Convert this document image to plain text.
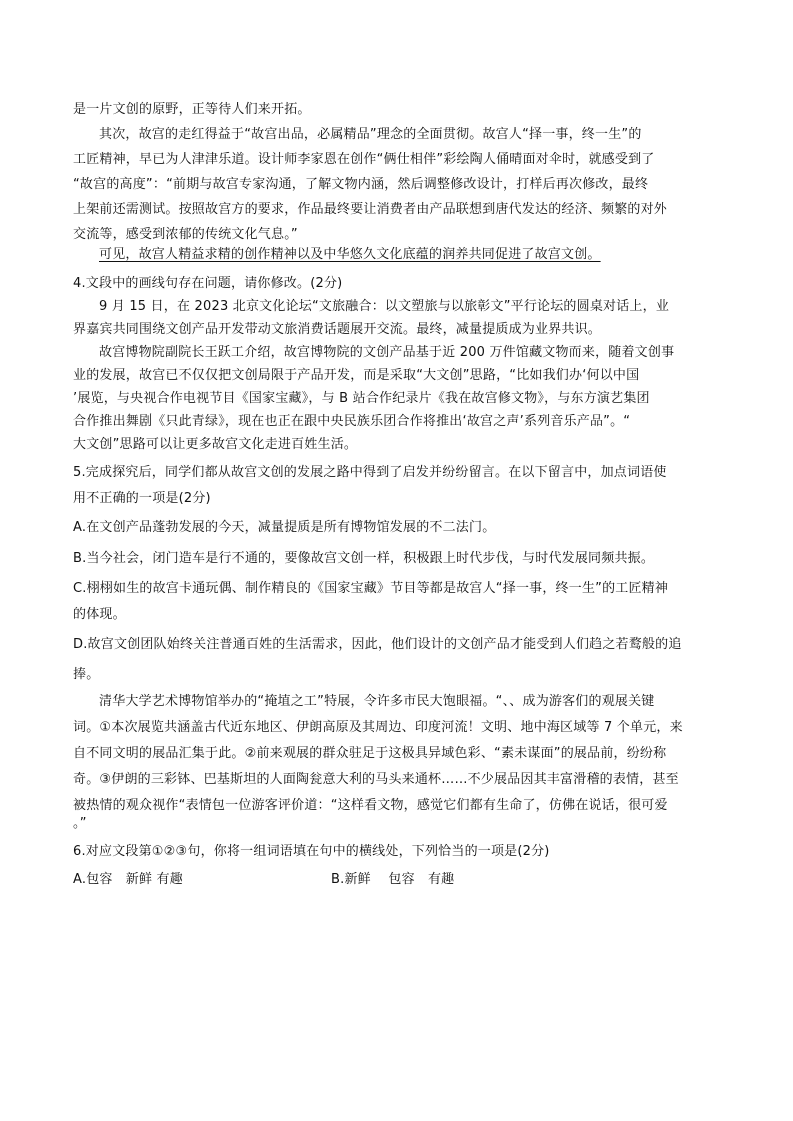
是一片文创的原野，正等待人们来开拓。
其次，故宫的走红得益于“故宫出品，必属精品”理念的全面贯彻。故宫人“择一事，终一生”的
工匠精神，早已为人津津乐道。设计师李家恩在创作“俩仕相伴”彩绘陶人俑晴面对伞时，就感受到了
“故宫的高度”：“前期与故宫专家沟通，了解文物内涵，然后调整修改设计，打样后再次修改，最终
上架前还需测试。按照故宫方的要求，作品最终要让消费者由产品联想到唐代发达的经济、频繁的对外
交流等，感受到浓郁的传统文化气息。”
可见，故宫人精益求精的创作精神以及中华悠久文化底蕴的润养共同促进了故宫文创。
4.文段中的画线句存在问题，请你修改。(2分)
9 月 15 日，在 2023 北京文化论坛“文旅融合：以文塑旅与以旅彰文”平行论坛的圆桌对话上，业
界嘉宾共同围绕文创产品开发带动文旅消费话题展开交流。最终，减量提质成为业界共识。
故宫博物院副院长王跃工介绍，故宫博物院的文创产品基于近 200 万件馆藏文物而来，随着文创事
业的发展，故宫已不仅仅把文创局限于产品开发，而是采取“大文创”思路，“比如我们办‘何以中国
’展览，与央视合作电视节目《国家宝藏》，与 B 站合作纪录片《我在故宫修文物》，与东方演艺集团
合作推出舞剧《只此青绿》，现在也正在跟中央民族乐团合作将推出‘故宫之声’系列音乐产品”。“
大文创”思路可以让更多故宫文化走进百姓生活。
5.完成探究后，同学们都从故宫文创的发展之路中得到了启发并纷纷留言。在以下留言中，加点词语使
用不正确的一项是(2分)
A.在文创产品蓬勃发展的今天，减量提质是所有博物馆发展的不二法门。
B.当今社会，闭门造车是行不通的，要像故宫文创一样，积极跟上时代步伐，与时代发展同频共振。
C.栩栩如生的故宫卡通玩偶、制作精良的《国家宝藏》节目等都是故宫人“择一事，终一生”的工匠精神
的体现。
D.故宫文创团队始终关注普通百姓的生活需求，因此，他们设计的文创产品才能受到人们趋之若鹜般的追
捧。
清华大学艺术博物馆举办的“掩埴之工”特展，令许多市民大饱眼福。“、、成为游客们的观展关键
词。①本次展览共涵盖古代近东地区、伊朗高原及其周边、印度河流！文明、地中海区域等 7 个单元，来
自不同文明的展品汇集于此。②前来观展的群众驻足于这极具异域色彩、“素未谋面”的展品前，纷纷称
奇。③伊朗的三彩钵、巴基斯坦的人面陶瓮意大利的马头来通杯……不少展品因其丰富滑稽的表情，甚至
被热情的观众视作“表情包一位游客评价道：“这样看文物，感觉它们都有生命了，仿佛在说话，很可爱
。”
6.对应文段第①②③句，你将一组词语填在句中的横线处，下列恰当的一项是(2分)
A.包容　新鲜 有趣	B.新鲜　 包容　有趣
